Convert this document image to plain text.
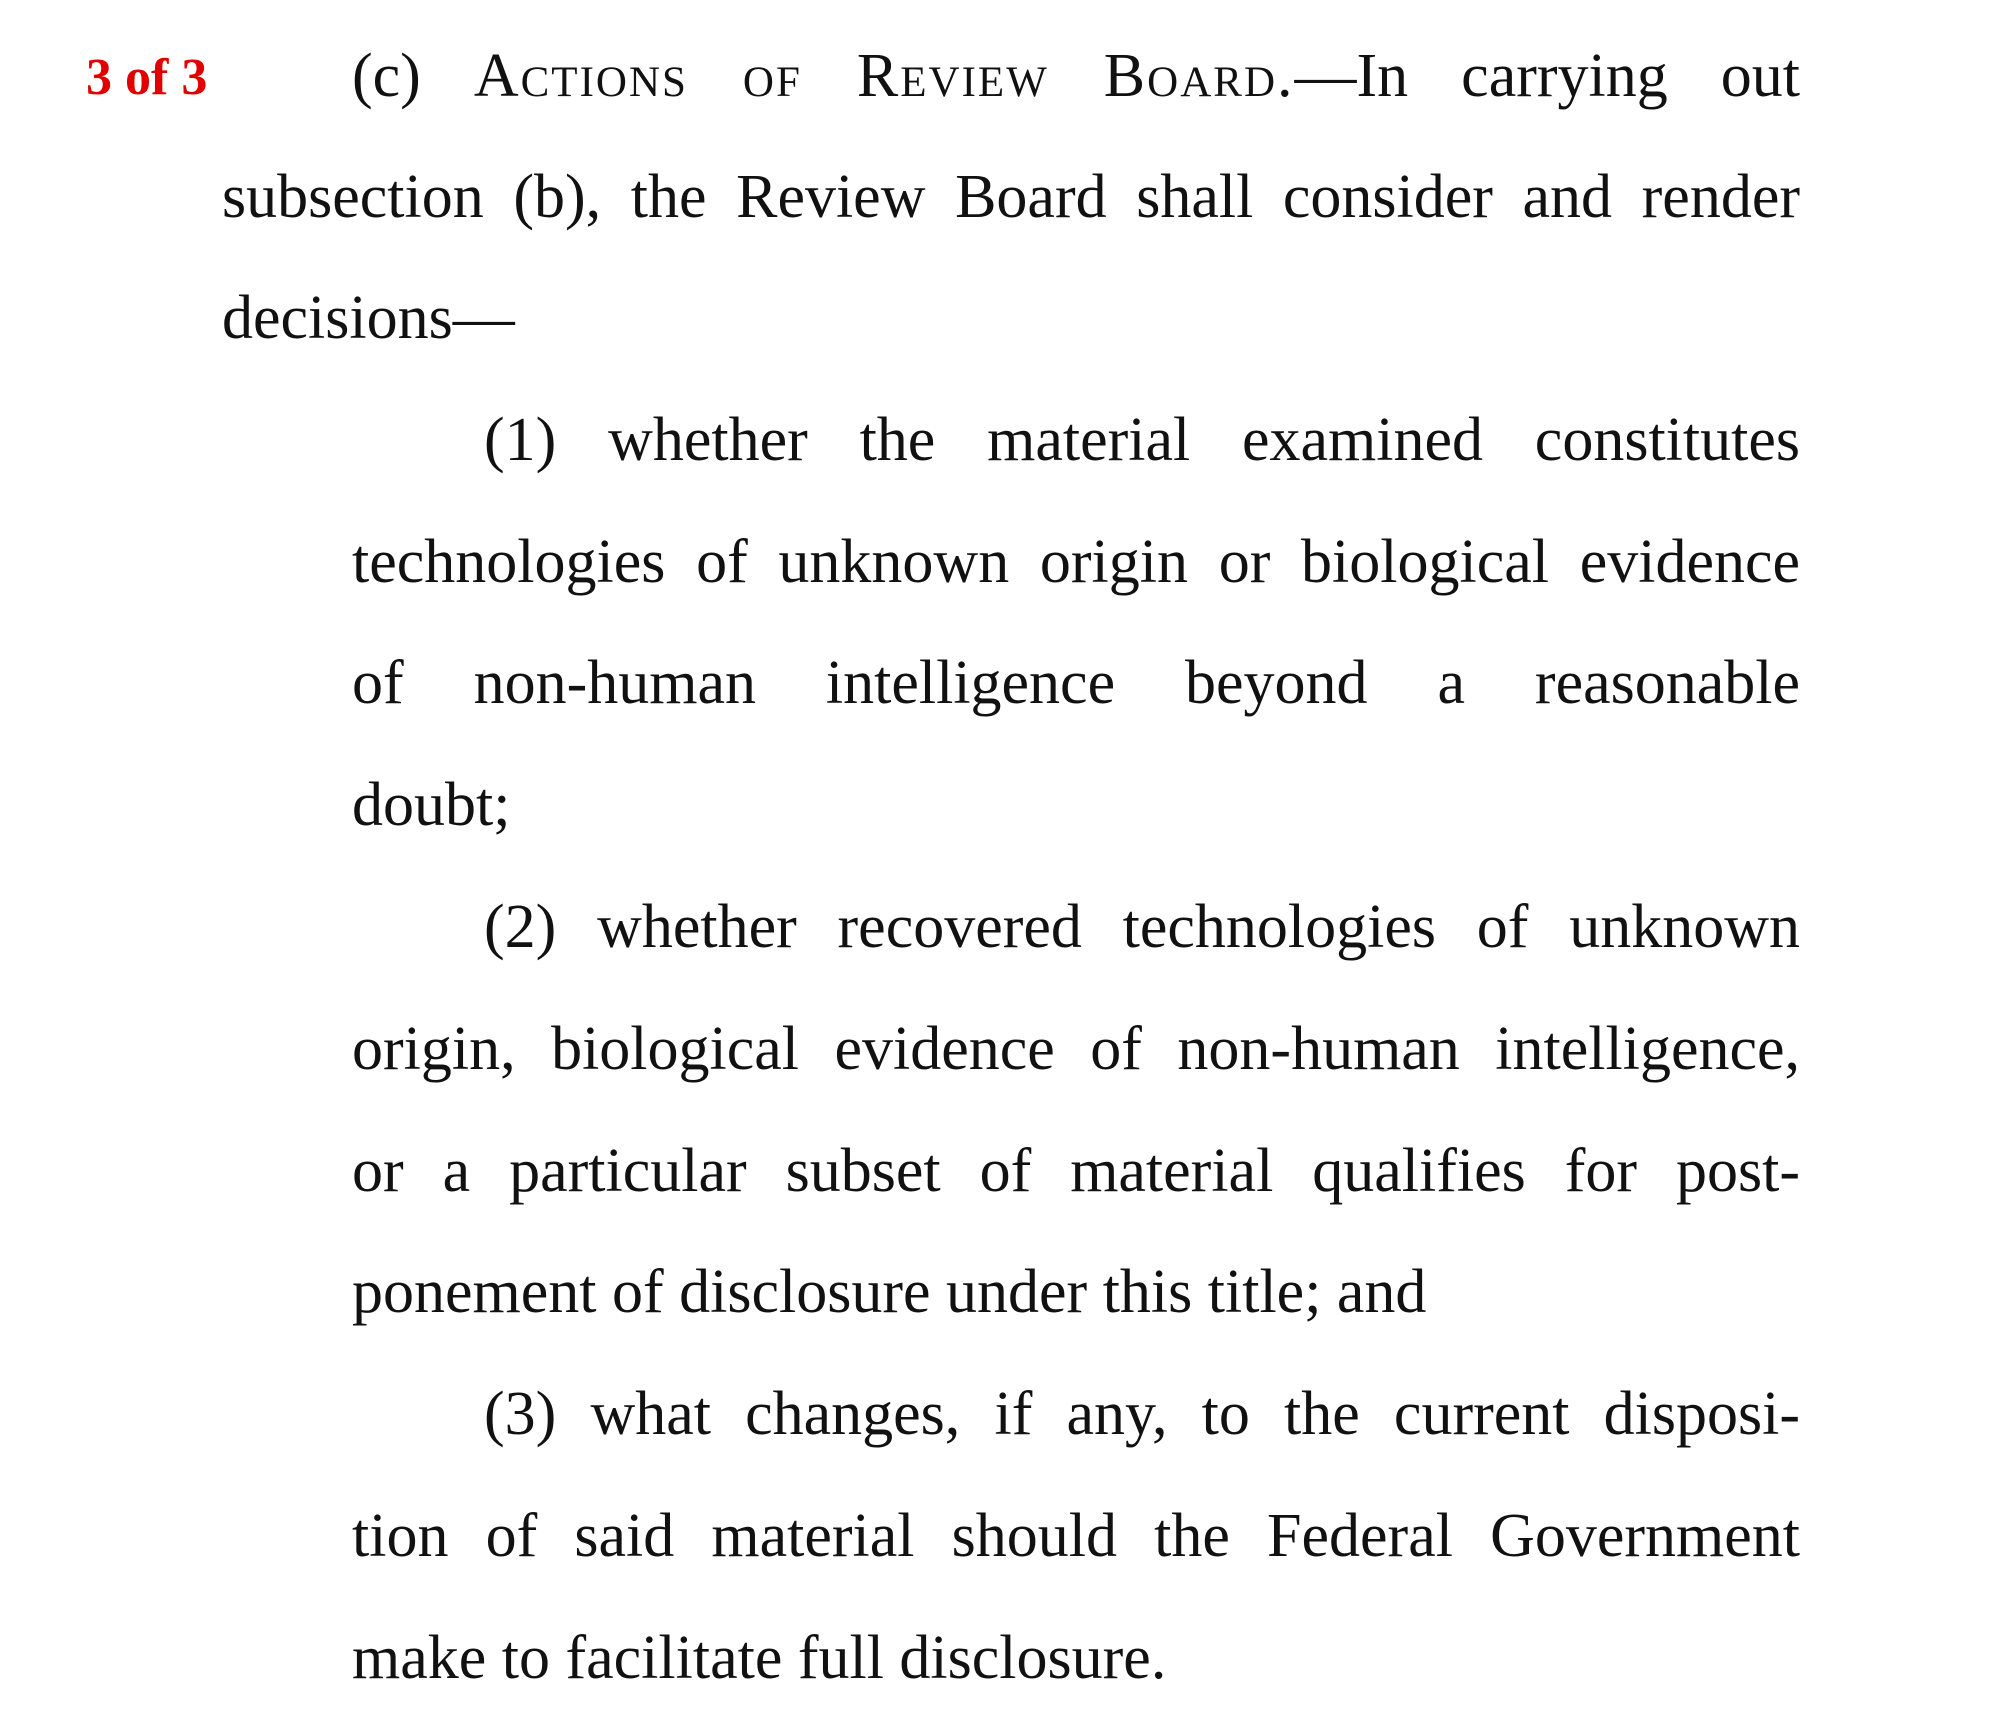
3 of 3 (c) Actions of Review Board.—In carrying out
subsection (b), the Review Board shall consider and render
decisions—
(1) whether the material examined constitutes
technologies of unknown origin or biological evidence
of non-human intelligence beyond a reasonable
doubt;
(2) whether recovered technologies of unknown
origin, biological evidence of non-human intelligence,
or a particular subset of material qualifies for post-
ponement of disclosure under this title; and
(3) what changes, if any, to the current disposi-
tion of said material should the Federal Government
make to facilitate full disclosure.
